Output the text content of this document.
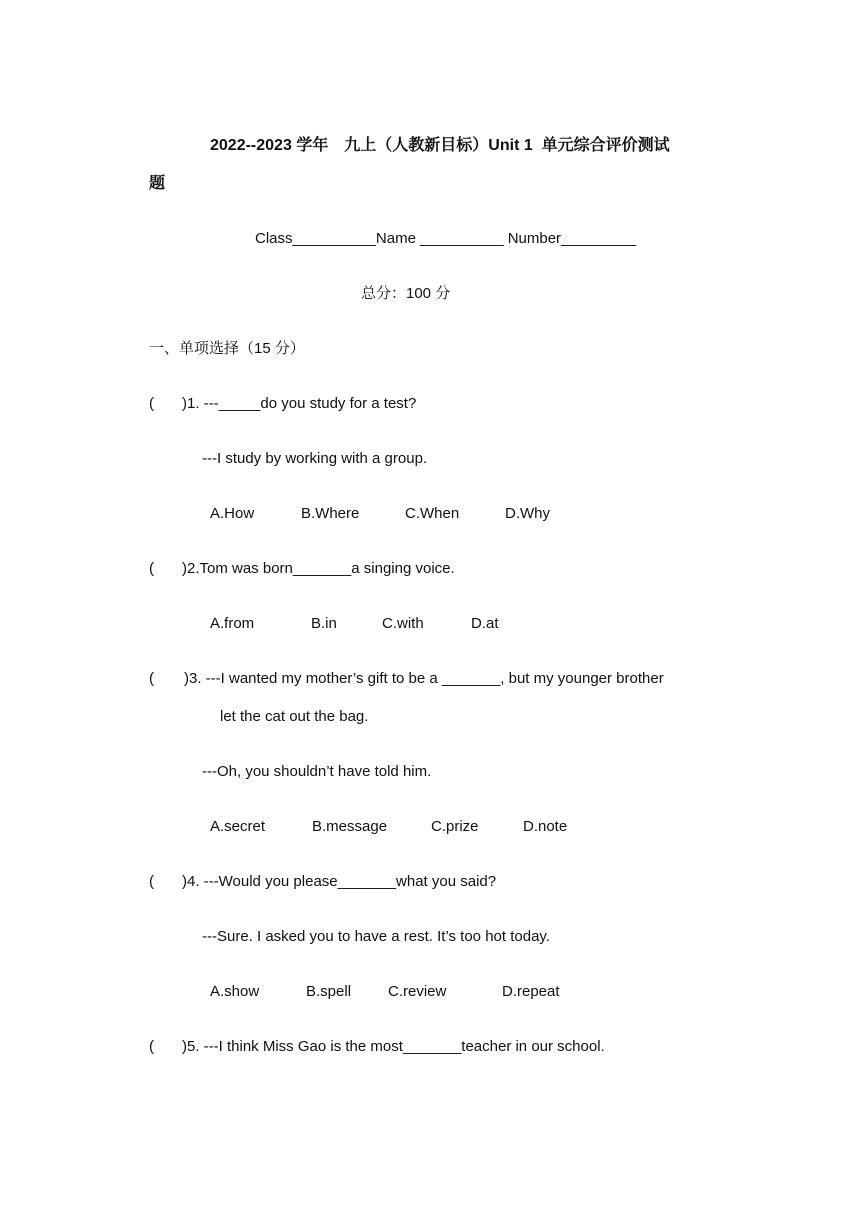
2022--2023 学年　九上（人教新目标）Unit 1  单元综合评价测试
题
Class__________Name __________ Number_________
总分：100 分
一、单项选择（15 分）
( )1. ---_____do you study for a test?
---I study by working with a group.
A.How	B.Where	C.When	D.Why
( )2.Tom was born_______a singing voice.
A.from	B.in	C.with	D.at
( )3. ---I wanted my mother’s gift to be a _______, but my younger brother
let the cat out the bag.
---Oh, you shouldn’t have told him.
A.secret	B.message	C.prize	D.note
( )4. ---Would you please_______what you said?
---Sure. I asked you to have a rest. It’s too hot today.
A.show	B.spell C.review	D.repeat
( )5. ---I think Miss Gao is the most_______teacher in our school.
